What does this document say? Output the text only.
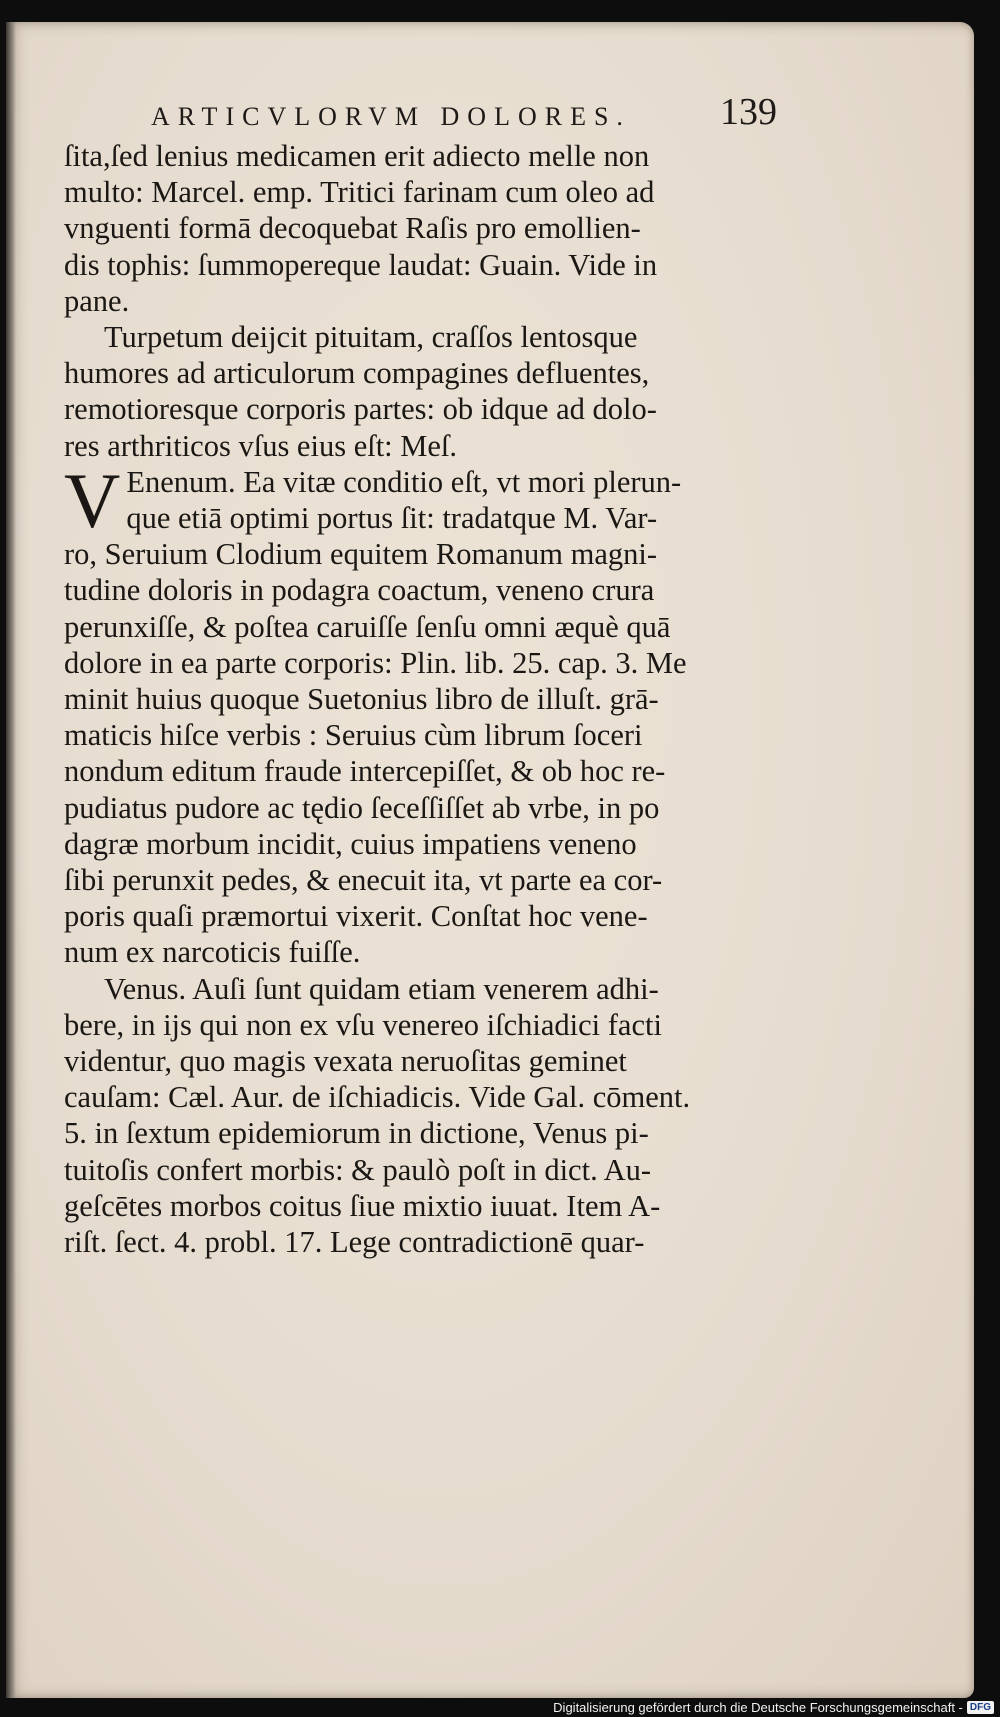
ARTICVLORVM DOLORES. 139

ſita,ſed lenius medicamen erit adiecto melle non
multo: Marcel. emp. Tritici farinam cum oleo ad
vnguenti formā decoquebat Raſis pro emollien-
dis tophis: ſummopereque laudat: Guain. Vide in
pane.

Turpetum deijcit pituitam, craſſos lentosque
humores ad articulorum compagines defluentes,
remotioresque corporis partes: ob idque ad dolo-
res arthriticos vſus eius eſt: Meſ.

V Enenum. Ea vitæ conditio eſt, vt mori plerun-
que etiā optimi portus ſit: tradatque M. Var-
ro, Seruium Clodium equitem Romanum magni-
tudine doloris in podagra coactum, veneno crura
perunxiſſe, & poſtea caruiſſe ſenſu omni æquè quā
dolore in ea parte corporis: Plin. lib. 25. cap. 3. Me
minit huius quoque Suetonius libro de illuſt. grā-
maticis hiſce verbis : Seruius cùm librum ſoceri
nondum editum fraude intercepiſſet, & ob hoc re-
pudiatus pudore ac tędio ſeceſſiſſet ab vrbe, in po
dagræ morbum incidit, cuius impatiens veneno
ſibi perunxit pedes, & enecuit ita, vt parte ea cor-
poris quaſi præmortui vixerit. Conſtat hoc vene-
num ex narcoticis fuiſſe.

Venus. Auſi ſunt quidam etiam venerem adhi-
bere, in ijs qui non ex vſu venereo iſchiadici facti
videntur, quo magis vexata neruoſitas geminet
cauſam: Cæl. Aur. de iſchiadicis. Vide Gal. cōment.
5. in ſextum epidemiorum in dictione, Venus pi-
tuitoſis confert morbis: & paulò poſt in dict. Au-
geſcētes morbos coitus ſiue mixtio iuuat. Item A-
riſt. ſect. 4. probl. 17. Lege contradictionē quar-

Digitalisierung gefördert durch die Deutsche Forschungsgemeinschaft - DFG
